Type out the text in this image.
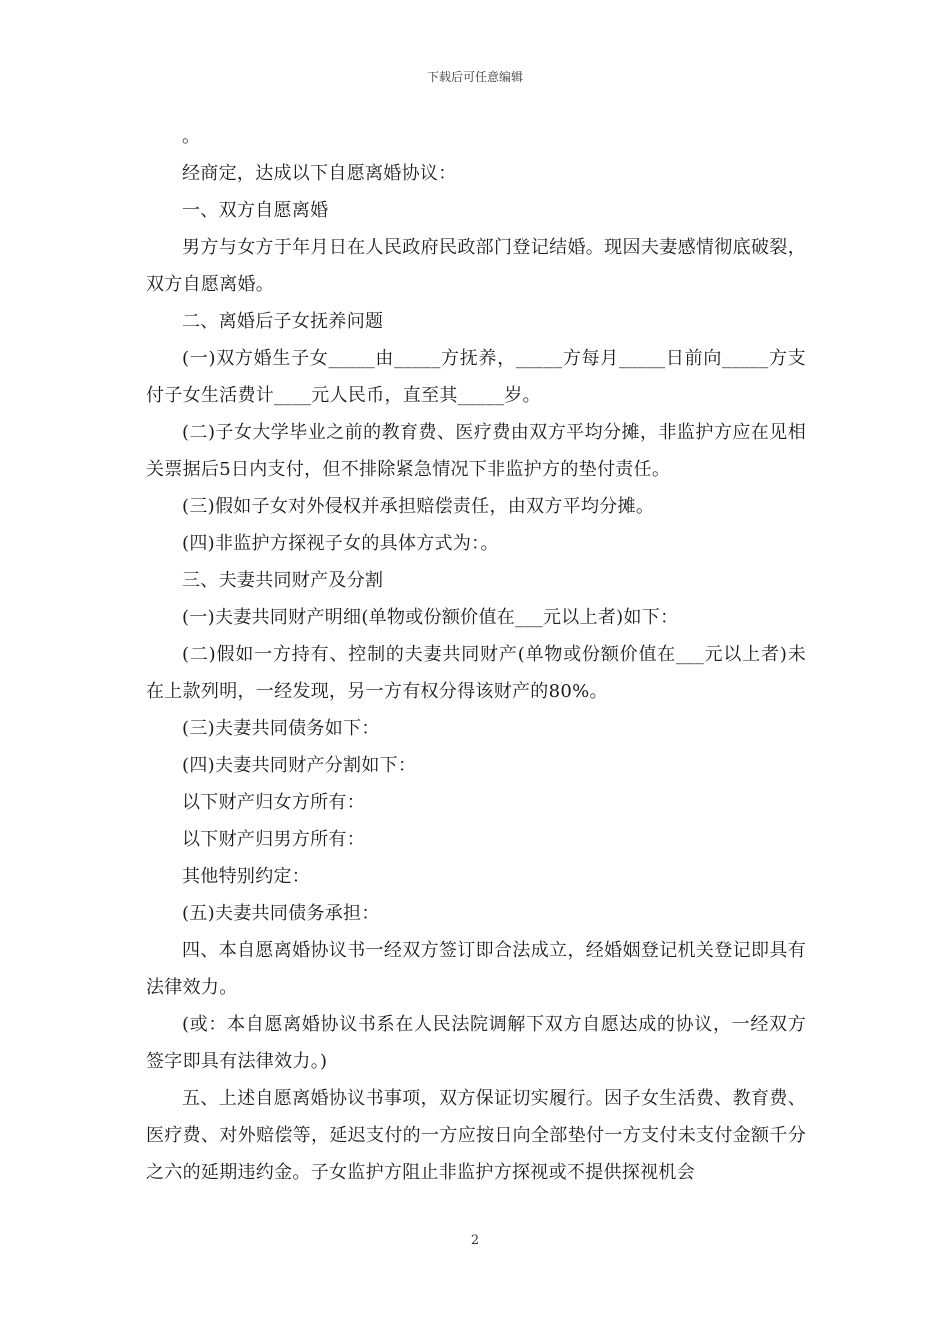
下载后可任意编辑

。

经商定，达成以下自愿离婚协议：

一、双方自愿离婚

男方与女方于年月日在人民政府民政部门登记结婚。现因夫妻感情彻底破裂，双方自愿离婚。

二、离婚后子女抚养问题

(一)双方婚生子女_____由_____方抚养，_____方每月_____日前向_____方支付子女生活费计____元人民币，直至其_____岁。

(二)子女大学毕业之前的教育费、医疗费由双方平均分摊，非监护方应在见相关票据后5日内支付，但不排除紧急情况下非监护方的垫付责任。

(三)假如子女对外侵权并承担赔偿责任，由双方平均分摊。

(四)非监护方探视子女的具体方式为：。

三、夫妻共同财产及分割

(一)夫妻共同财产明细(单物或份额价值在___元以上者)如下：

(二)假如一方持有、控制的夫妻共同财产(单物或份额价值在___元以上者)未在上款列明，一经发现，另一方有权分得该财产的80%。

(三)夫妻共同债务如下：

(四)夫妻共同财产分割如下：

以下财产归女方所有：

以下财产归男方所有：

其他特别约定：

(五)夫妻共同债务承担：

四、本自愿离婚协议书一经双方签订即合法成立，经婚姻登记机关登记即具有法律效力。

(或：本自愿离婚协议书系在人民法院调解下双方自愿达成的协议，一经双方签字即具有法律效力。)

五、上述自愿离婚协议书事项，双方保证切实履行。因子女生活费、教育费、医疗费、对外赔偿等，延迟支付的一方应按日向全部垫付一方支付未支付金额千分之六的延期违约金。子女监护方阻止非监护方探视或不提供探视机会

2
